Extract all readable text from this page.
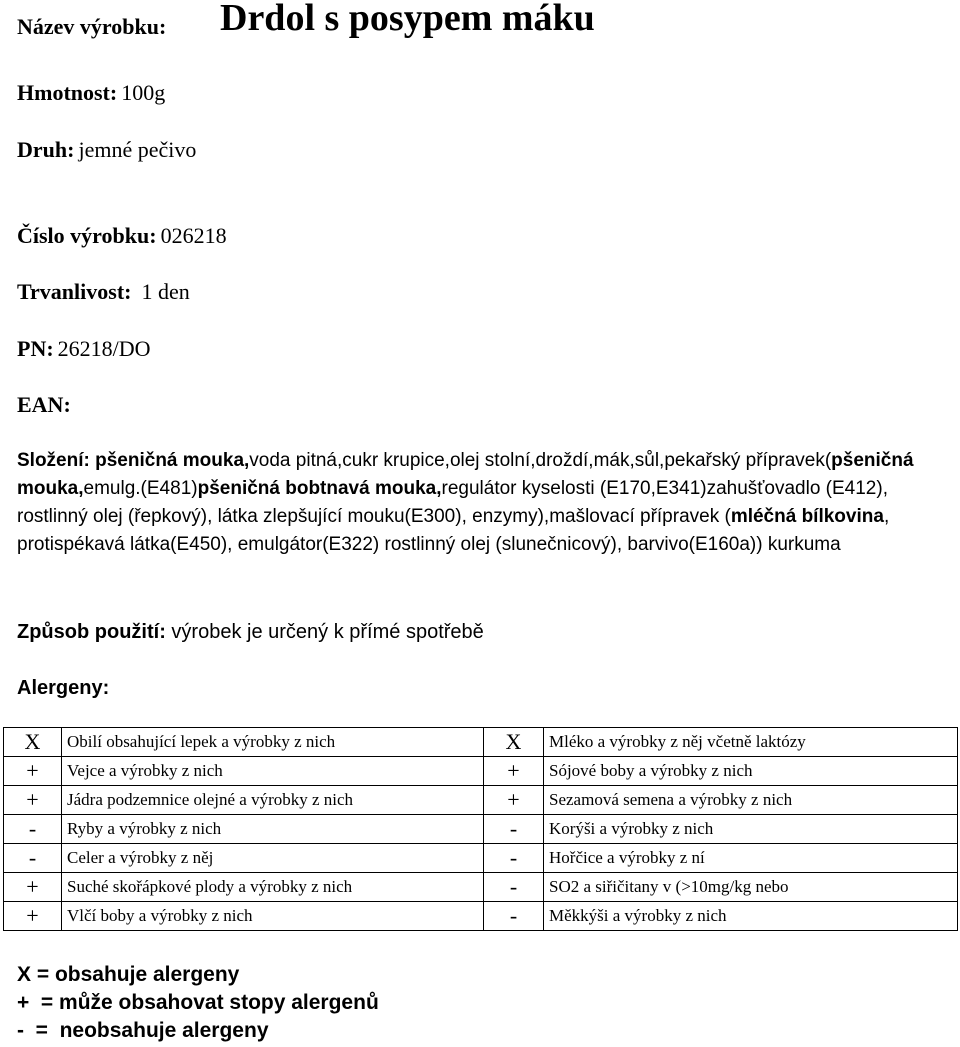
Název výrobku: Drdol s posypem máku
Hmotnost: 100g
Druh: jemné pečivo
Číslo výrobku: 026218
Trvanlivost: 1 den
PN: 26218/DO
EAN:
Složení: pšeničná mouka,voda pitná,cukr krupice,olej stolní,droždí,mák,sůl,pekařský přípravek(pšeničná mouka,emulg.(E481)pšeničná bobtnavá mouka,regulátor kyselosti (E170,E341)zahušťovadlo (E412), rostlinný olej (řepkový), látka zlepšující mouku(E300), enzymy),mašlovací přípravek (mléčná bílkovina, protispékavá látka(E450), emulgátor(E322) rostlinný olej (slunečnicový), barvivo(E160a)) kurkuma
Způsob použití: výrobek je určený k přímé spotřebě
Alergeny:
X	Obilí obsahující lepek a výrobky z nich	X	Mléko a výrobky z něj včetně laktózy
+	Vejce a výrobky z nich	+	Sójové boby a výrobky z nich
+	Jádra podzemnice olejné a výrobky z nich	+	Sezamová semena a výrobky z nich
-	Ryby a výrobky z nich	-	Korýši a výrobky z nich
-	Celer a výrobky z něj	-	Hořčice a výrobky z ní
+	Suché skořápkové plody a výrobky z nich	-	SO2 a siřičitany v (>10mg/kg nebo
+	Vlčí boby a výrobky z nich	-	Měkkýši a výrobky z nich
X = obsahuje alergeny
+  = může obsahovat stopy alergenů
-  =  neobsahuje alergeny
